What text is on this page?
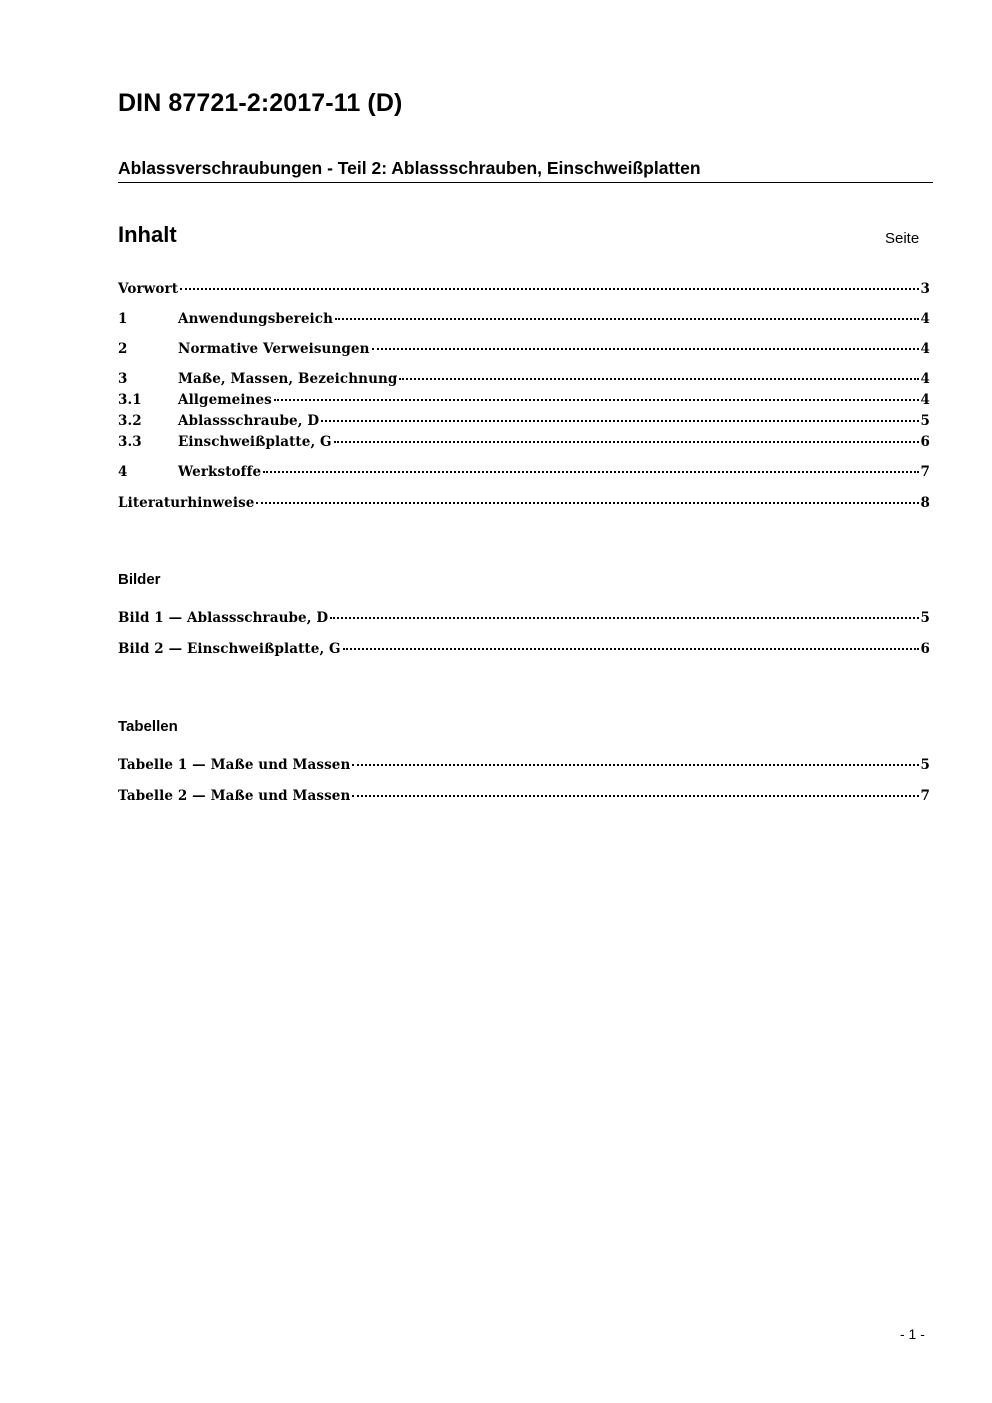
DIN 87721-2:2017-11 (D)
Ablassverschraubungen - Teil 2: Ablassschrauben, Einschweißplatten
Inhalt	Seite
Vorwort	3
1	Anwendungsbereich	4
2	Normative Verweisungen	4
3	Maße, Massen, Bezeichnung	4
3.1	Allgemeines	4
3.2	Ablassschraube, D	5
3.3	Einschweißplatte, G	6
4	Werkstoffe	7
Literaturhinweise	8
Bilder
Bild 1 — Ablassschraube, D	5
Bild 2 — Einschweißplatte, G	6
Tabellen
Tabelle 1 — Maße und Massen	5
Tabelle 2 — Maße und Massen	7
- 1 -
